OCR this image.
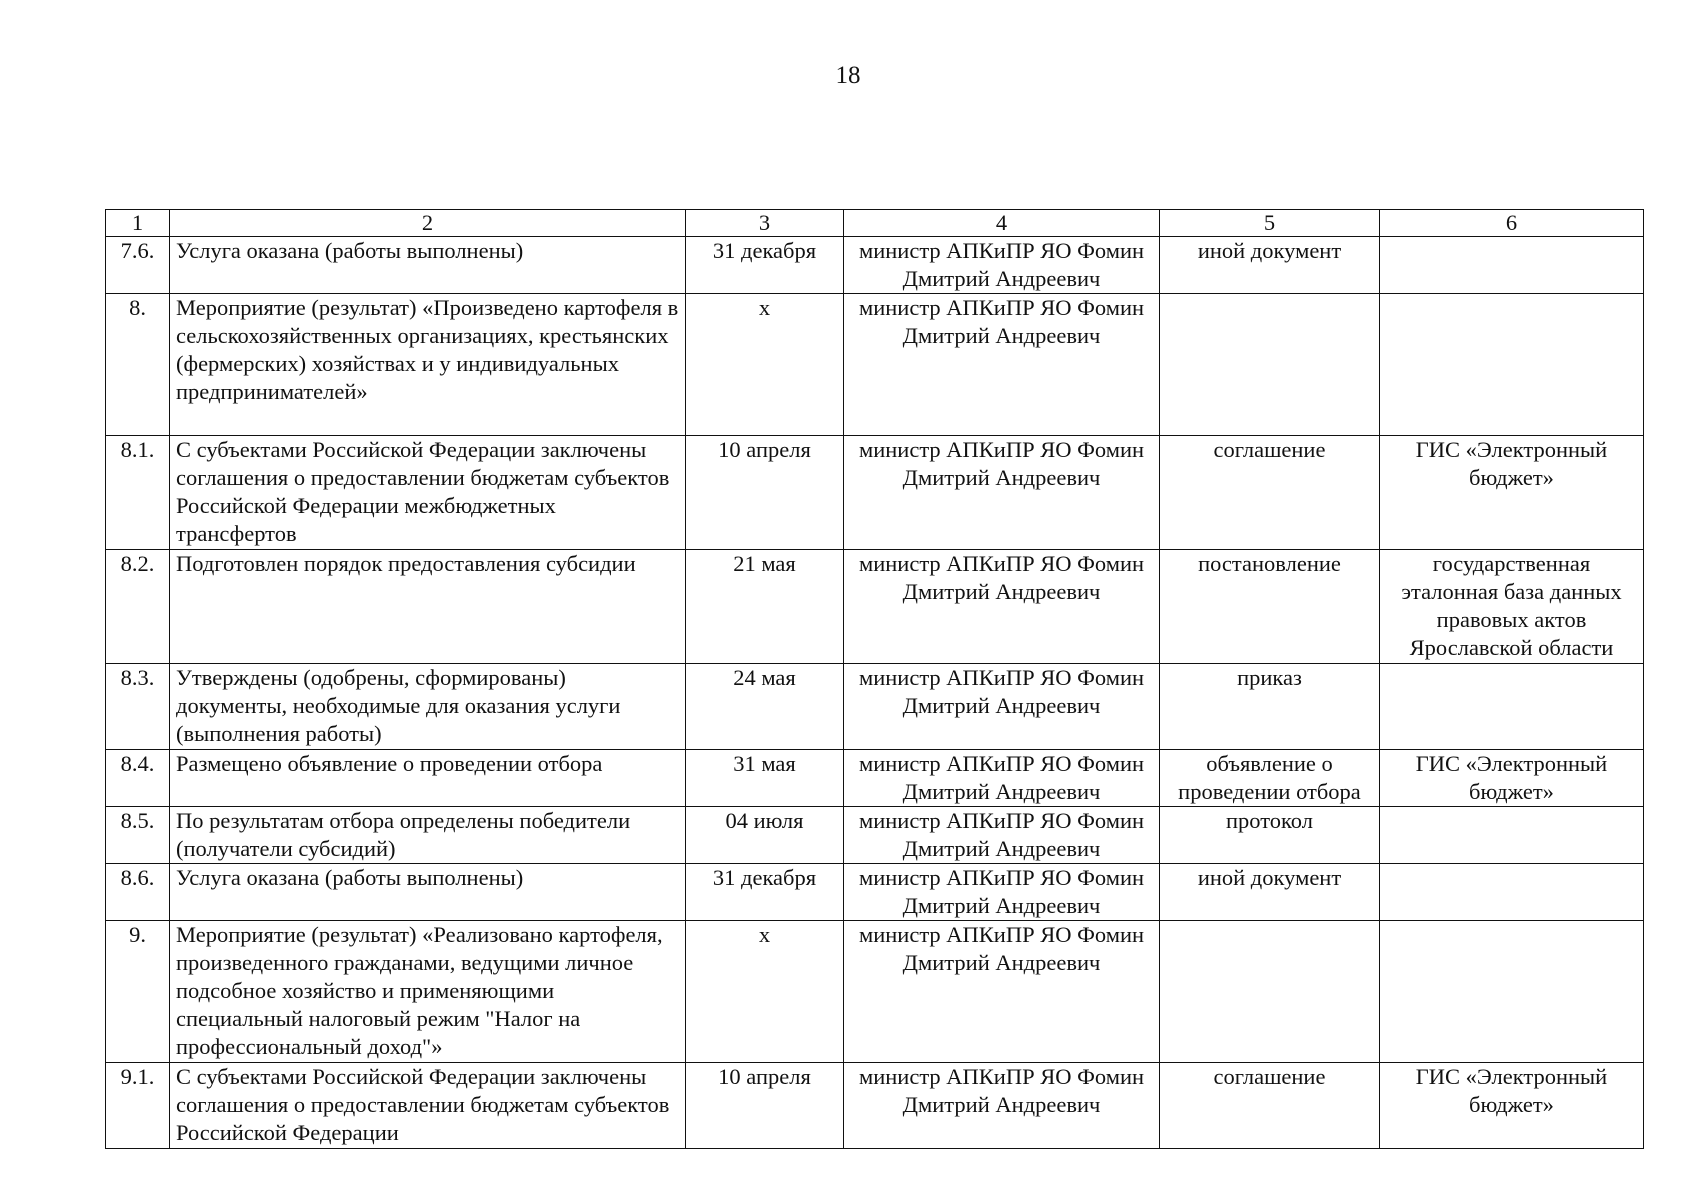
18
1	2	3	4	5	6
7.6.	Услуга оказана (работы выполнены)	31 декабря	министр АПКиПР ЯО Фомин Дмитрий Андреевич	иной документ	
8.	Мероприятие (результат) «Произведено картофеля в сельскохозяйственных организациях, крестьянских (фермерских) хозяйствах и у индивидуальных предпринимателей»	х	министр АПКиПР ЯО Фомин Дмитрий Андреевич		
8.1.	С субъектами Российской Федерации заключены соглашения о предоставлении бюджетам субъектов Российской Федерации межбюджетных трансфертов	10 апреля	министр АПКиПР ЯО Фомин Дмитрий Андреевич	соглашение	ГИС «Электронный бюджет»
8.2.	Подготовлен порядок предоставления субсидии	21 мая	министр АПКиПР ЯО Фомин Дмитрий Андреевич	постановление	государственная эталонная база данных правовых актов Ярославской области
8.3.	Утверждены (одобрены, сформированы) документы, необходимые для оказания услуги (выполнения работы)	24 мая	министр АПКиПР ЯО Фомин Дмитрий Андреевич	приказ	
8.4.	Размещено объявление о проведении отбора	31 мая	министр АПКиПР ЯО Фомин Дмитрий Андреевич	объявление о проведении отбора	ГИС «Электронный бюджет»
8.5.	По результатам отбора определены победители (получатели субсидий)	04 июля	министр АПКиПР ЯО Фомин Дмитрий Андреевич	протокол	
8.6.	Услуга оказана (работы выполнены)	31 декабря	министр АПКиПР ЯО Фомин Дмитрий Андреевич	иной документ	
9.	Мероприятие (результат) «Реализовано картофеля, произведенного гражданами, ведущими личное подсобное хозяйство и применяющими специальный налоговый режим "Налог на профессиональный доход"»	х	министр АПКиПР ЯО Фомин Дмитрий Андреевич		
9.1.	С субъектами Российской Федерации заключены соглашения о предоставлении бюджетам субъектов Российской Федерации	10 апреля	министр АПКиПР ЯО Фомин Дмитрий Андреевич	соглашение	ГИС «Электронный бюджет»
